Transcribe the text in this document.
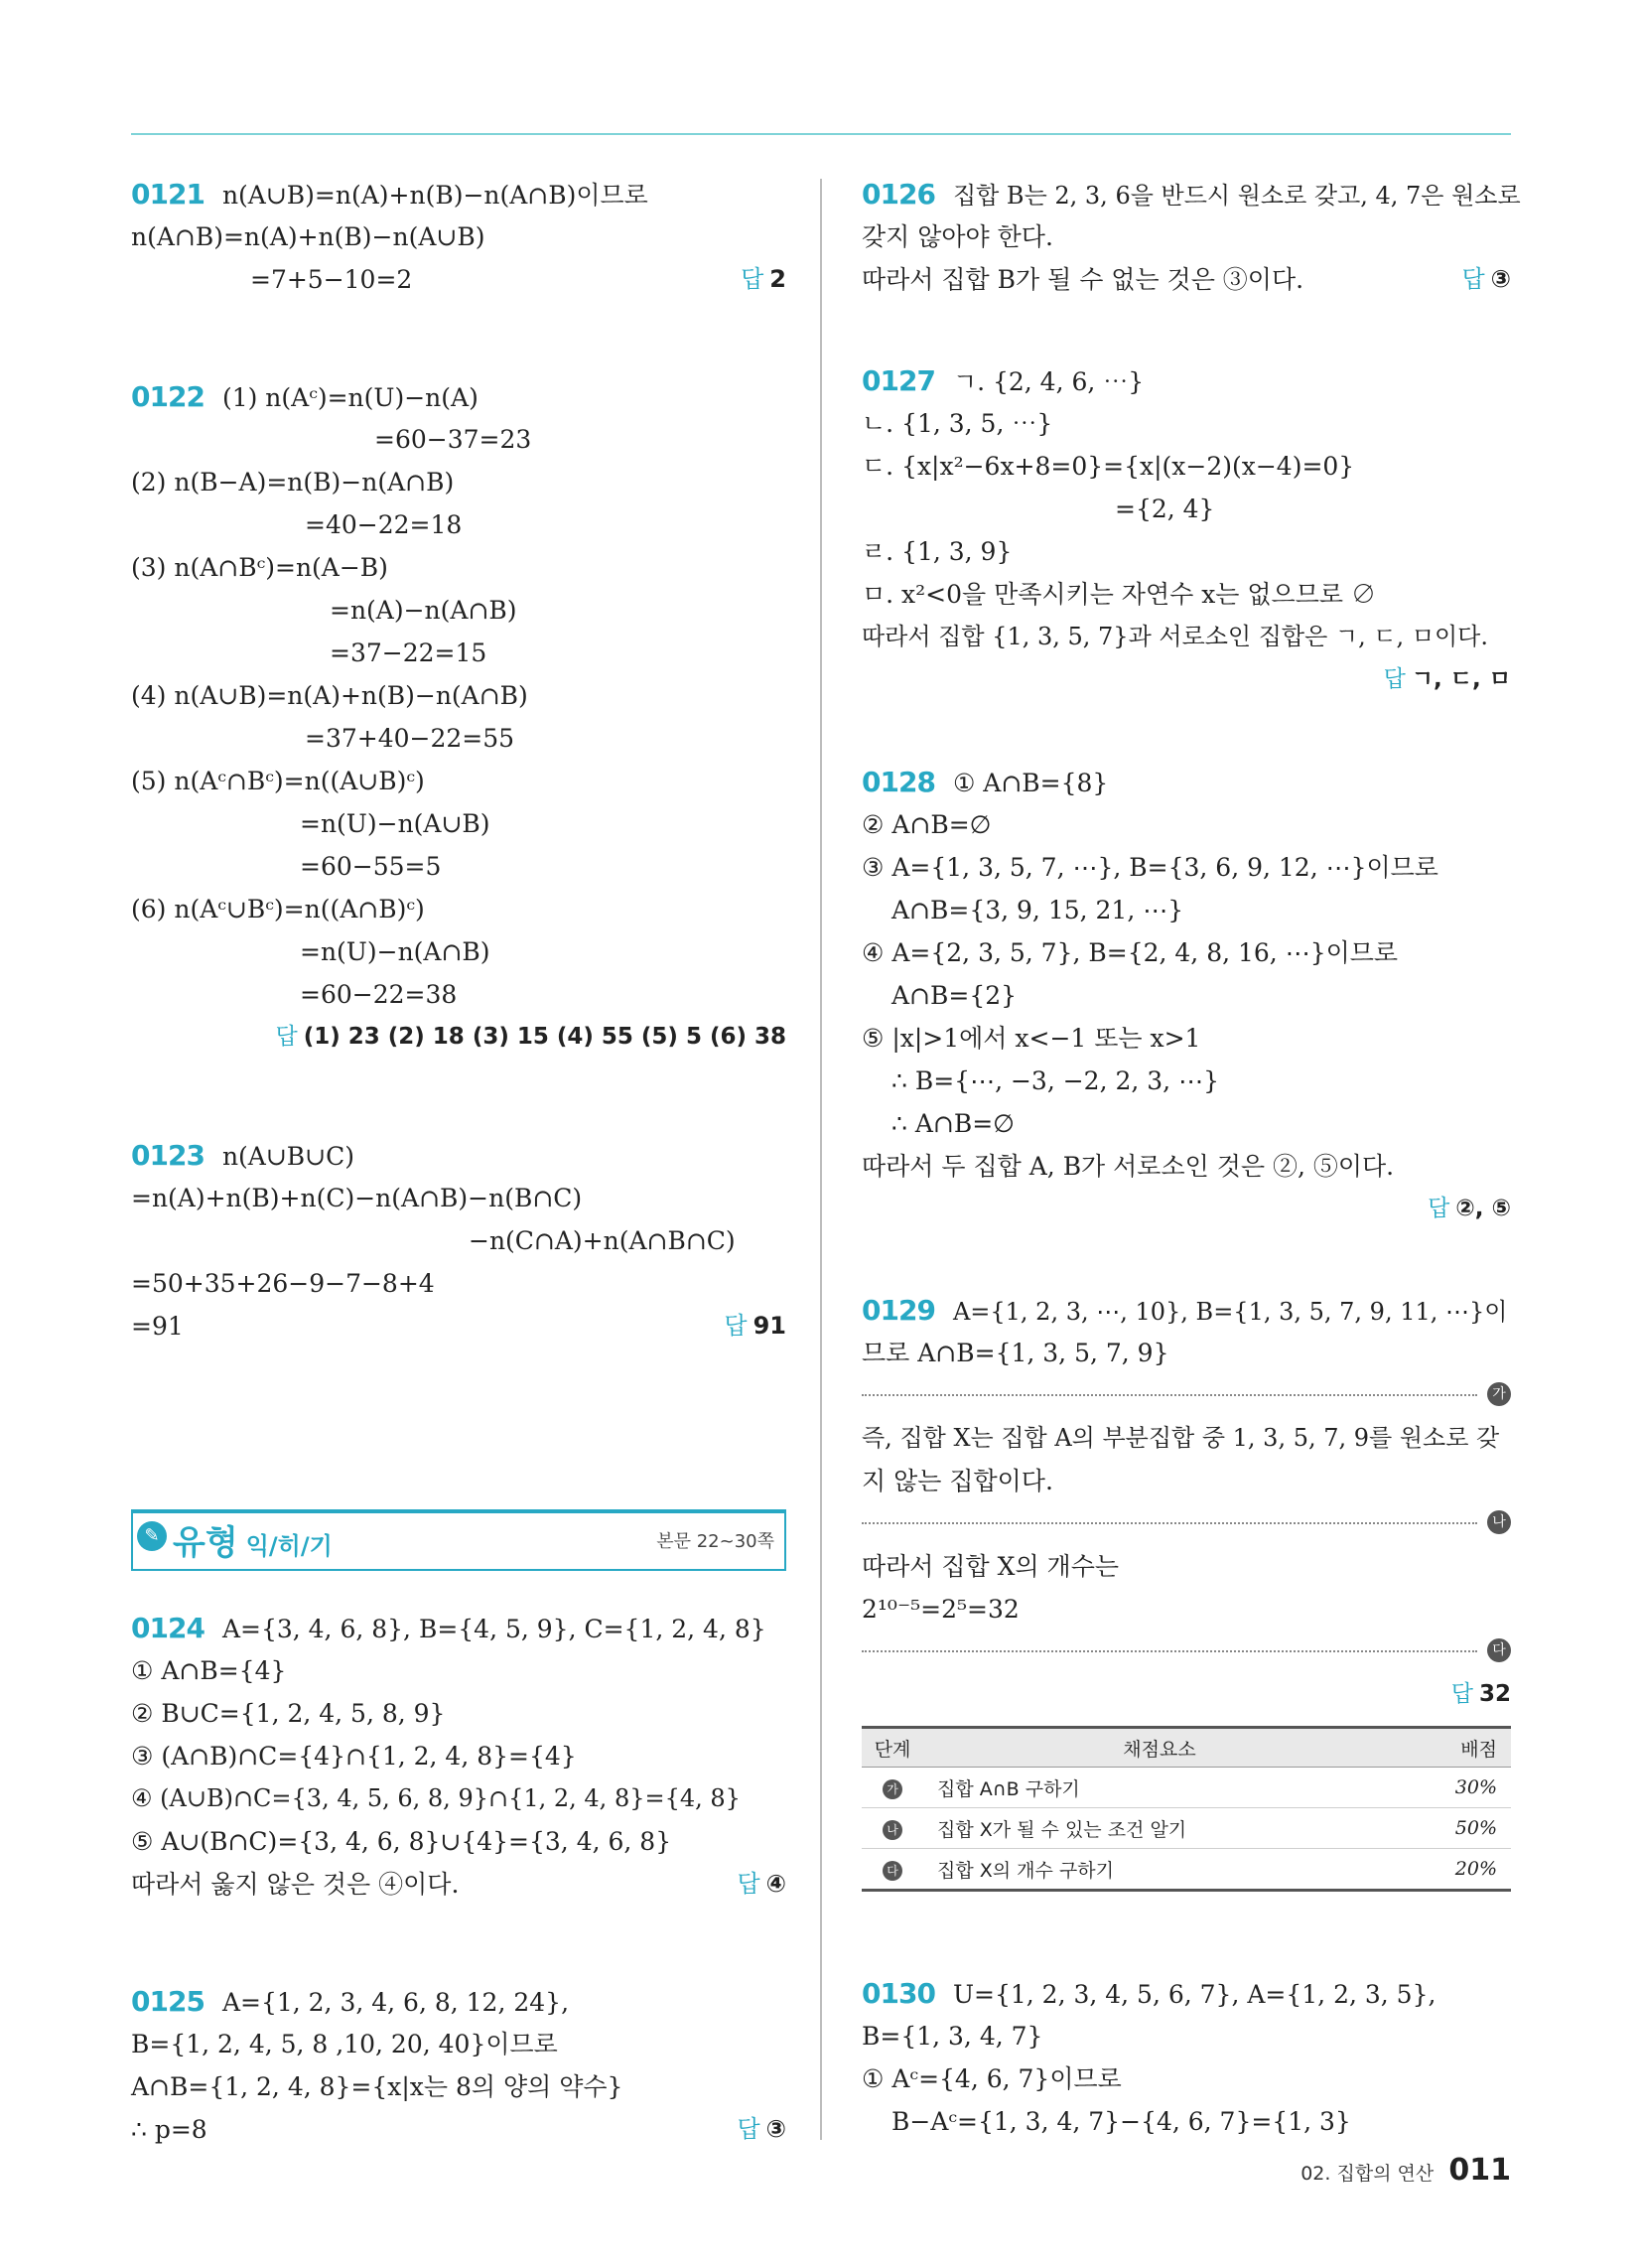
0121 n(A∪B)=n(A)+n(B)−n(A∩B)이므로
n(A∩B)=n(A)+n(B)−n(A∪B)
=7+5−10=2	답 2
0122 (1) n(Aᶜ)=n(U)−n(A)
=60−37=23
(2) n(B−A)=n(B)−n(A∩B)
=40−22=18
(3) n(A∩Bᶜ)=n(A−B)
=n(A)−n(A∩B)
=37−22=15
(4) n(A∪B)=n(A)+n(B)−n(A∩B)
=37+40−22=55
(5) n(Aᶜ∩Bᶜ)=n((A∪B)ᶜ)
=n(U)−n(A∪B)
=60−55=5
(6) n(Aᶜ∪Bᶜ)=n((A∩B)ᶜ)
=n(U)−n(A∩B)
=60−22=38
답 (1) 23 (2) 18 (3) 15 (4) 55 (5) 5 (6) 38
0123 n(A∪B∪C)
=n(A)+n(B)+n(C)−n(A∩B)−n(B∩C)
−n(C∩A)+n(A∩B∩C)
=50+35+26−9−7−8+4
=91	답 91
✎ 유형 익/히/기	본문 22~30쪽
0124 A={3, 4, 6, 8}, B={4, 5, 9}, C={1, 2, 4, 8}
① A∩B={4}
② B∪C={1, 2, 4, 5, 8, 9}
③ (A∩B)∩C={4}∩{1, 2, 4, 8}={4}
④ (A∪B)∩C={3, 4, 5, 6, 8, 9}∩{1, 2, 4, 8}={4, 8}
⑤ A∪(B∩C)={3, 4, 6, 8}∪{4}={3, 4, 6, 8}
따라서 옳지 않은 것은 ④이다.	답 ④
0125 A={1, 2, 3, 4, 6, 8, 12, 24},
B={1, 2, 4, 5, 8 ,10, 20, 40}이므로
A∩B={1, 2, 4, 8}={x|x는 8의 양의 약수}
∴ p=8	답 ③
0126 집합 B는 2, 3, 6을 반드시 원소로 갖고, 4, 7은 원소로
갖지 않아야 한다.
따라서 집합 B가 될 수 없는 것은 ③이다.	답 ③
0127 ㄱ. {2, 4, 6, ⋯}
ㄴ. {1, 3, 5, ⋯}
ㄷ. {x|x²−6x+8=0}={x|(x−2)(x−4)=0}
={2, 4}
ㄹ. {1, 3, 9}
ㅁ. x²<0을 만족시키는 자연수 x는 없으므로 ∅
따라서 집합 {1, 3, 5, 7}과 서로소인 집합은 ㄱ, ㄷ, ㅁ이다.
답 ㄱ, ㄷ, ㅁ
0128 ① A∩B={8}
② A∩B=∅
③ A={1, 3, 5, 7, ⋯}, B={3, 6, 9, 12, ⋯}이므로
A∩B={3, 9, 15, 21, ⋯}
④ A={2, 3, 5, 7}, B={2, 4, 8, 16, ⋯}이므로
A∩B={2}
⑤ |x|>1에서 x<−1 또는 x>1
∴ B={⋯, −3, −2, 2, 3, ⋯}
∴ A∩B=∅
따라서 두 집합 A, B가 서로소인 것은 ②, ⑤이다.
답 ②, ⑤
0129 A={1, 2, 3, ⋯, 10}, B={1, 3, 5, 7, 9, 11, ⋯}이
므로 A∩B={1, 3, 5, 7, 9}
가
즉, 집합 X는 집합 A의 부분집합 중 1, 3, 5, 7, 9를 원소로 갖
지 않는 집합이다.
나
따라서 집합 X의 개수는
2¹⁰⁻⁵=2⁵=32
다
답 32
단계	채점요소	배점
가	집합 A∩B 구하기	30%
나	집합 X가 될 수 있는 조건 알기	50%
다	집합 X의 개수 구하기	20%
0130 U={1, 2, 3, 4, 5, 6, 7}, A={1, 2, 3, 5},
B={1, 3, 4, 7}
① Aᶜ={4, 6, 7}이므로
B−Aᶜ={1, 3, 4, 7}−{4, 6, 7}={1, 3}
02. 집합의 연산 011
